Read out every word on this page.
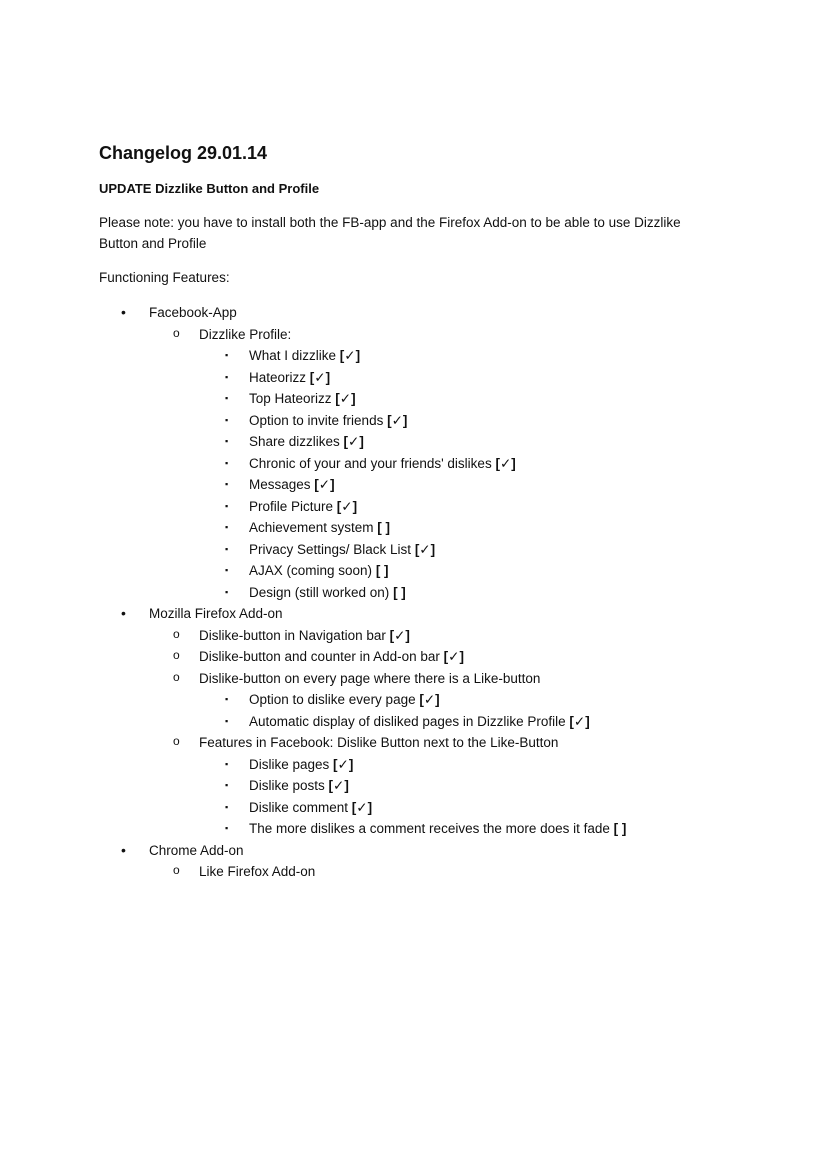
Changelog 29.01.14

UPDATE Dizzlike Button and Profile

Please note: you have to install both the FB-app and the Firefox Add-on to be able to use Dizzlike Button and Profile

Functioning Features:

• Facebook-App
o Dizzlike Profile:
▪ What I dizzlike [✓]
▪ Hateorizz [✓]
▪ Top Hateorizz [✓]
▪ Option to invite friends [✓]
▪ Share dizzlikes [✓]
▪ Chronic of your and your friends' dislikes [✓]
▪ Messages [✓]
▪ Profile Picture [✓]
▪ Achievement system [ ]
▪ Privacy Settings/ Black List [✓]
▪ AJAX (coming soon) [ ]
▪ Design (still worked on) [ ]
• Mozilla Firefox Add-on
o Dislike-button in Navigation bar [✓]
o Dislike-button and counter in Add-on bar [✓]
o Dislike-button on every page where there is a Like-button
▪ Option to dislike every page [✓]
▪ Automatic display of disliked pages in Dizzlike Profile [✓]
o Features in Facebook: Dislike Button next to the Like-Button
▪ Dislike pages [✓]
▪ Dislike posts [✓]
▪ Dislike comment [✓]
▪ The more dislikes a comment receives the more does it fade [ ]
• Chrome Add-on
o Like Firefox Add-on
